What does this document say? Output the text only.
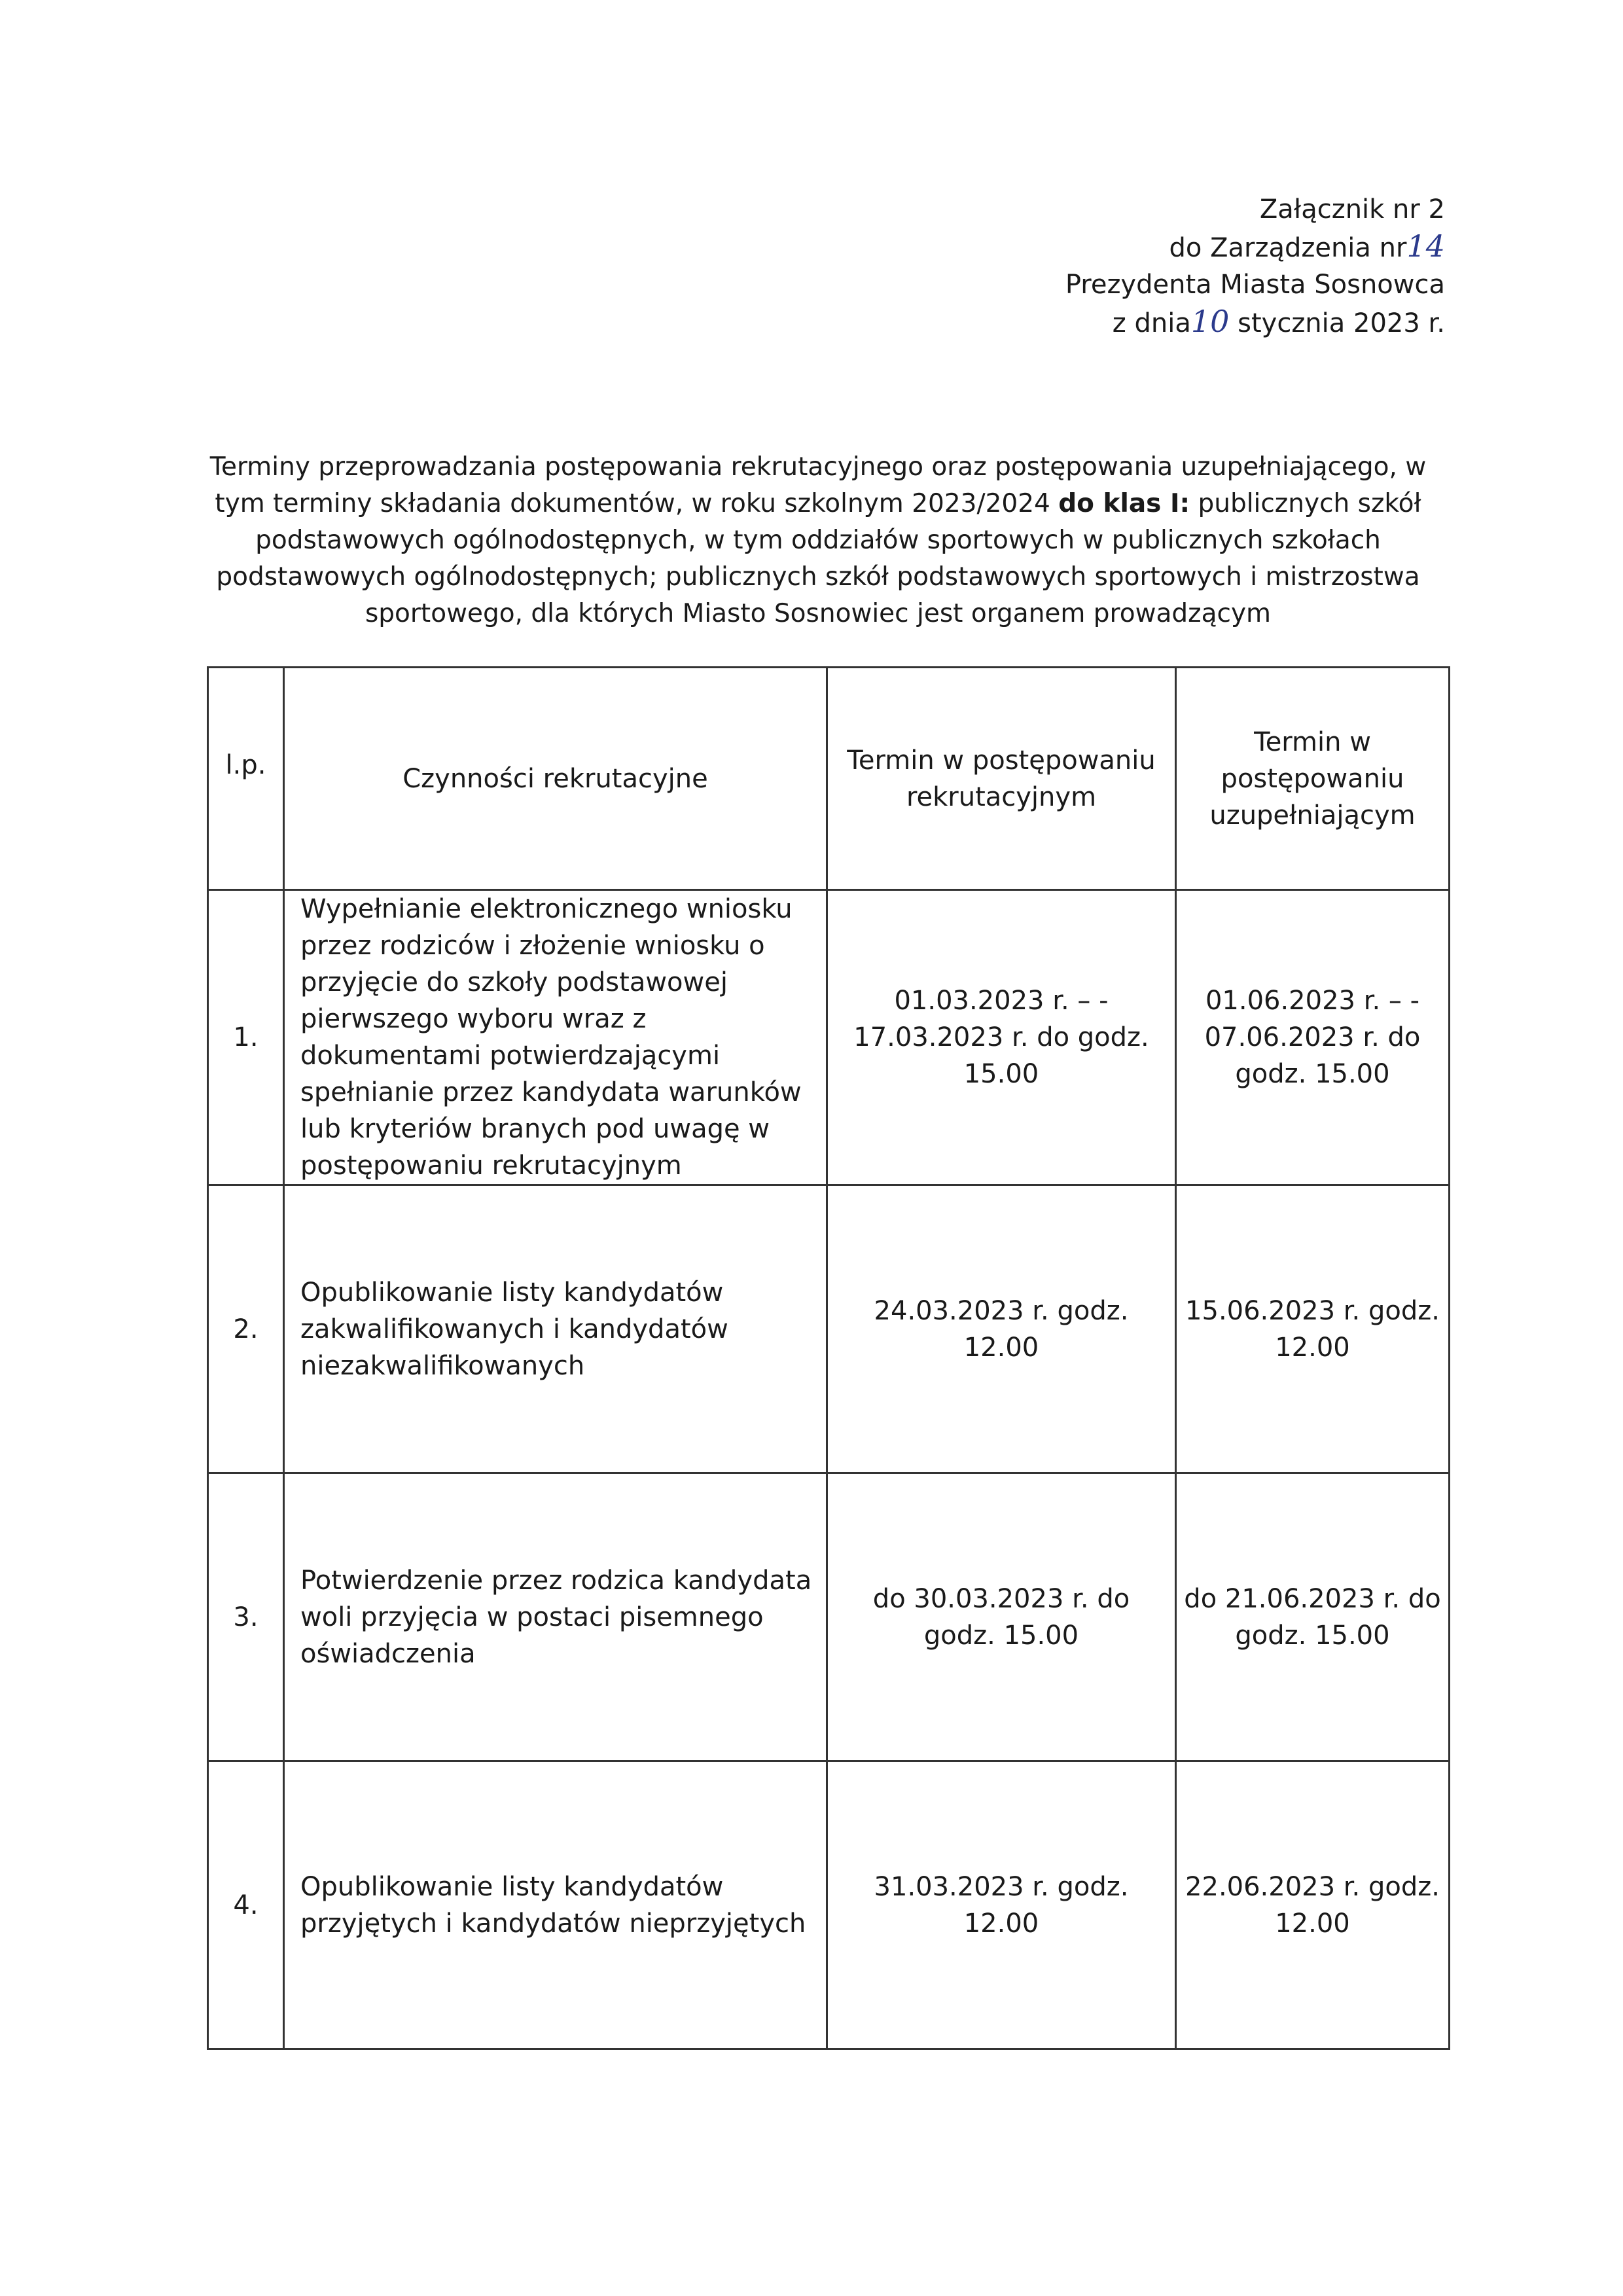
Załącznik nr 2
do Zarządzenia nr14
Prezydenta Miasta Sosnowca
z dnia10 stycznia 2023 r.
Terminy przeprowadzania postępowania rekrutacyjnego oraz postępowania uzupełniającego, w tym terminy składania dokumentów, w roku szkolnym 2023/2024 do klas I: publicznych szkół podstawowych ogólnodostępnych, w tym oddziałów sportowych w publicznych szkołach podstawowych ogólnodostępnych; publicznych szkół podstawowych sportowych i mistrzostwa sportowego, dla których Miasto Sosnowiec jest organem prowadzącym
l.p.	Czynności rekrutacyjne	Termin w postępowaniu rekrutacyjnym	Termin w postępowaniu uzupełniającym
1.	Wypełnianie elektronicznego wniosku przez rodziców i złożenie wniosku o przyjęcie do szkoły podstawowej pierwszego wyboru wraz z dokumentami potwierdzającymi spełnianie przez kandydata warunków lub kryteriów branych pod uwagę w postępowaniu rekrutacyjnym	01.03.2023 r. – - 17.03.2023 r. do godz. 15.00	01.06.2023 r. – - 07.06.2023 r. do godz. 15.00
2.	Opublikowanie listy kandydatów zakwalifikowanych i kandydatów niezakwalifikowanych	24.03.2023 r. godz. 12.00	15.06.2023 r. godz. 12.00
3.	Potwierdzenie przez rodzica kandydata woli przyjęcia w postaci pisemnego oświadczenia	do 30.03.2023 r. do godz. 15.00	do 21.06.2023 r. do godz. 15.00
4.	Opublikowanie listy kandydatów przyjętych i kandydatów nieprzyjętych	31.03.2023 r. godz. 12.00	22.06.2023 r. godz. 12.00
